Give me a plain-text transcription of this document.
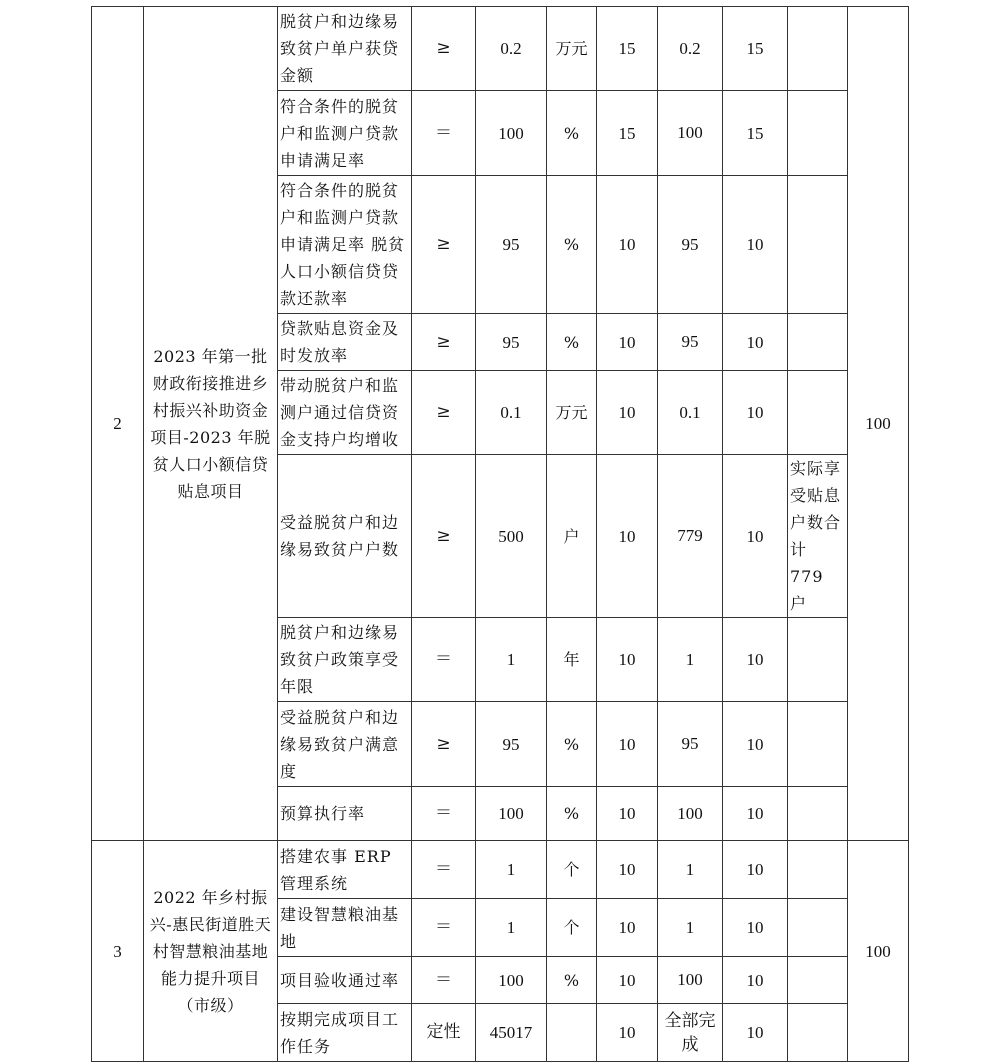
2	2023 年第一批财政衔接推进乡村振兴补助资金项目-2023 年脱贫人口小额信贷贴息项目	脱贫户和边缘易致贫户单户获贷金额	≥	0.2	万元	15	0.2	15		100
		符合条件的脱贫户和监测户贷款申请满足率	＝	100	%	15	100	15		
		符合条件的脱贫户和监测户贷款申请满足率 脱贫人口小额信贷贷款还款率	≥	95	%	10	95	10		
		贷款贴息资金及时发放率	≥	95	%	10	95	10		
		带动脱贫户和监测户通过信贷资金支持户均增收	≥	0.1	万元	10	0.1	10		
		受益脱贫户和边缘易致贫户户数	≥	500	户	10	779	10	实际享受贴息户数合计 779 户	
		脱贫户和边缘易致贫户政策享受年限	＝	1	年	10	1	10		
		受益脱贫户和边缘易致贫户满意度	≥	95	%	10	95	10		
		预算执行率	＝	100	%	10	100	10		
3	2022 年乡村振兴-惠民街道胜天村智慧粮油基地能力提升项目（市级）	搭建农事 ERP 管理系统	＝	1	个	10	1	10		100
		建设智慧粮油基地	＝	1	个	10	1	10		
		项目验收通过率	＝	100	%	10	100	10		
		按期完成项目工作任务	定性	45017		10	全部完成	10		
